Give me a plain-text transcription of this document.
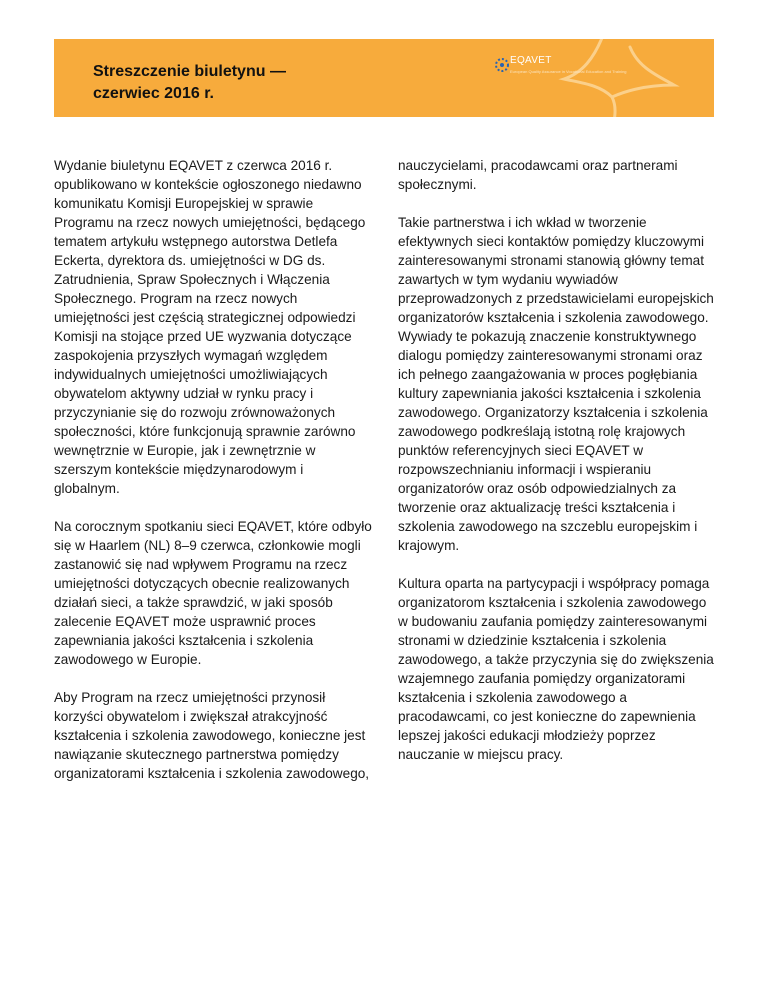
Streszczenie biuletynu — czerwiec 2016 r.
EQAVET
European Quality Assurance in Vocational Education and Training

Wydanie biuletynu EQAVET z czerwca 2016 r. opublikowano w kontekście ogłoszonego niedawno komunikatu Komisji Europejskiej w sprawie Programu na rzecz nowych umiejętności, będącego tematem artykułu wstępnego autorstwa Detlefa Eckerta, dyrektora ds. umiejętności w DG ds. Zatrudnienia, Spraw Społecznych i Włączenia Społecznego. Program na rzecz nowych umiejętności jest częścią strategicznej odpowiedzi Komisji na stojące przed UE wyzwania dotyczące zaspokojenia przyszłych wymagań względem indywidualnych umiejętności umożliwiających obywatelom aktywny udział w rynku pracy i przyczynianie się do rozwoju zrównoważonych społeczności, które funkcjonują sprawnie zarówno wewnętrznie w Europie, jak i zewnętrznie w szerszym kontekście międzynarodowym i globalnym.

Na corocznym spotkaniu sieci EQAVET, które odbyło się w Haarlem (NL) 8–9 czerwca, członkowie mogli zastanowić się nad wpływem Programu na rzecz umiejętności dotyczących obecnie realizowanych działań sieci, a także sprawdzić, w jaki sposób zalecenie EQAVET może usprawnić proces zapewniania jakości kształcenia i szkolenia zawodowego w Europie.

Aby Program na rzecz umiejętności przynosił korzyści obywatelom i zwiększał atrakcyjność kształcenia i szkolenia zawodowego, konieczne jest nawiązanie skutecznego partnerstwa pomiędzy organizatorami kształcenia i szkolenia zawodowego,

nauczycielami, pracodawcami oraz partnerami społecznymi.

Takie partnerstwa i ich wkład w tworzenie efektywnych sieci kontaktów pomiędzy kluczowymi zainteresowanymi stronami stanowią główny temat zawartych w tym wydaniu wywiadów przeprowadzonych z przedstawicielami europejskich organizatorów kształcenia i szkolenia zawodowego. Wywiady te pokazują znaczenie konstruktywnego dialogu pomiędzy zainteresowanymi stronami oraz ich pełnego zaangażowania w proces pogłębiania kultury zapewniania jakości kształcenia i szkolenia zawodowego. Organizatorzy kształcenia i szkolenia zawodowego podkreślają istotną rolę krajowych punktów referencyjnych sieci EQAVET w rozpowszechnianiu informacji i wspieraniu organizatorów oraz osób odpowiedzialnych za tworzenie oraz aktualizację treści kształcenia i szkolenia zawodowego na szczeblu europejskim i krajowym.

Kultura oparta na partycypacji i współpracy pomaga organizatorom kształcenia i szkolenia zawodowego w budowaniu zaufania pomiędzy zainteresowanymi stronami w dziedzinie kształcenia i szkolenia zawodowego, a także przyczynia się do zwiększenia wzajemnego zaufania pomiędzy organizatorami kształcenia i szkolenia zawodowego a pracodawcami, co jest konieczne do zapewnienia lepszej jakości edukacji młodzieży poprzez nauczanie w miejscu pracy.
